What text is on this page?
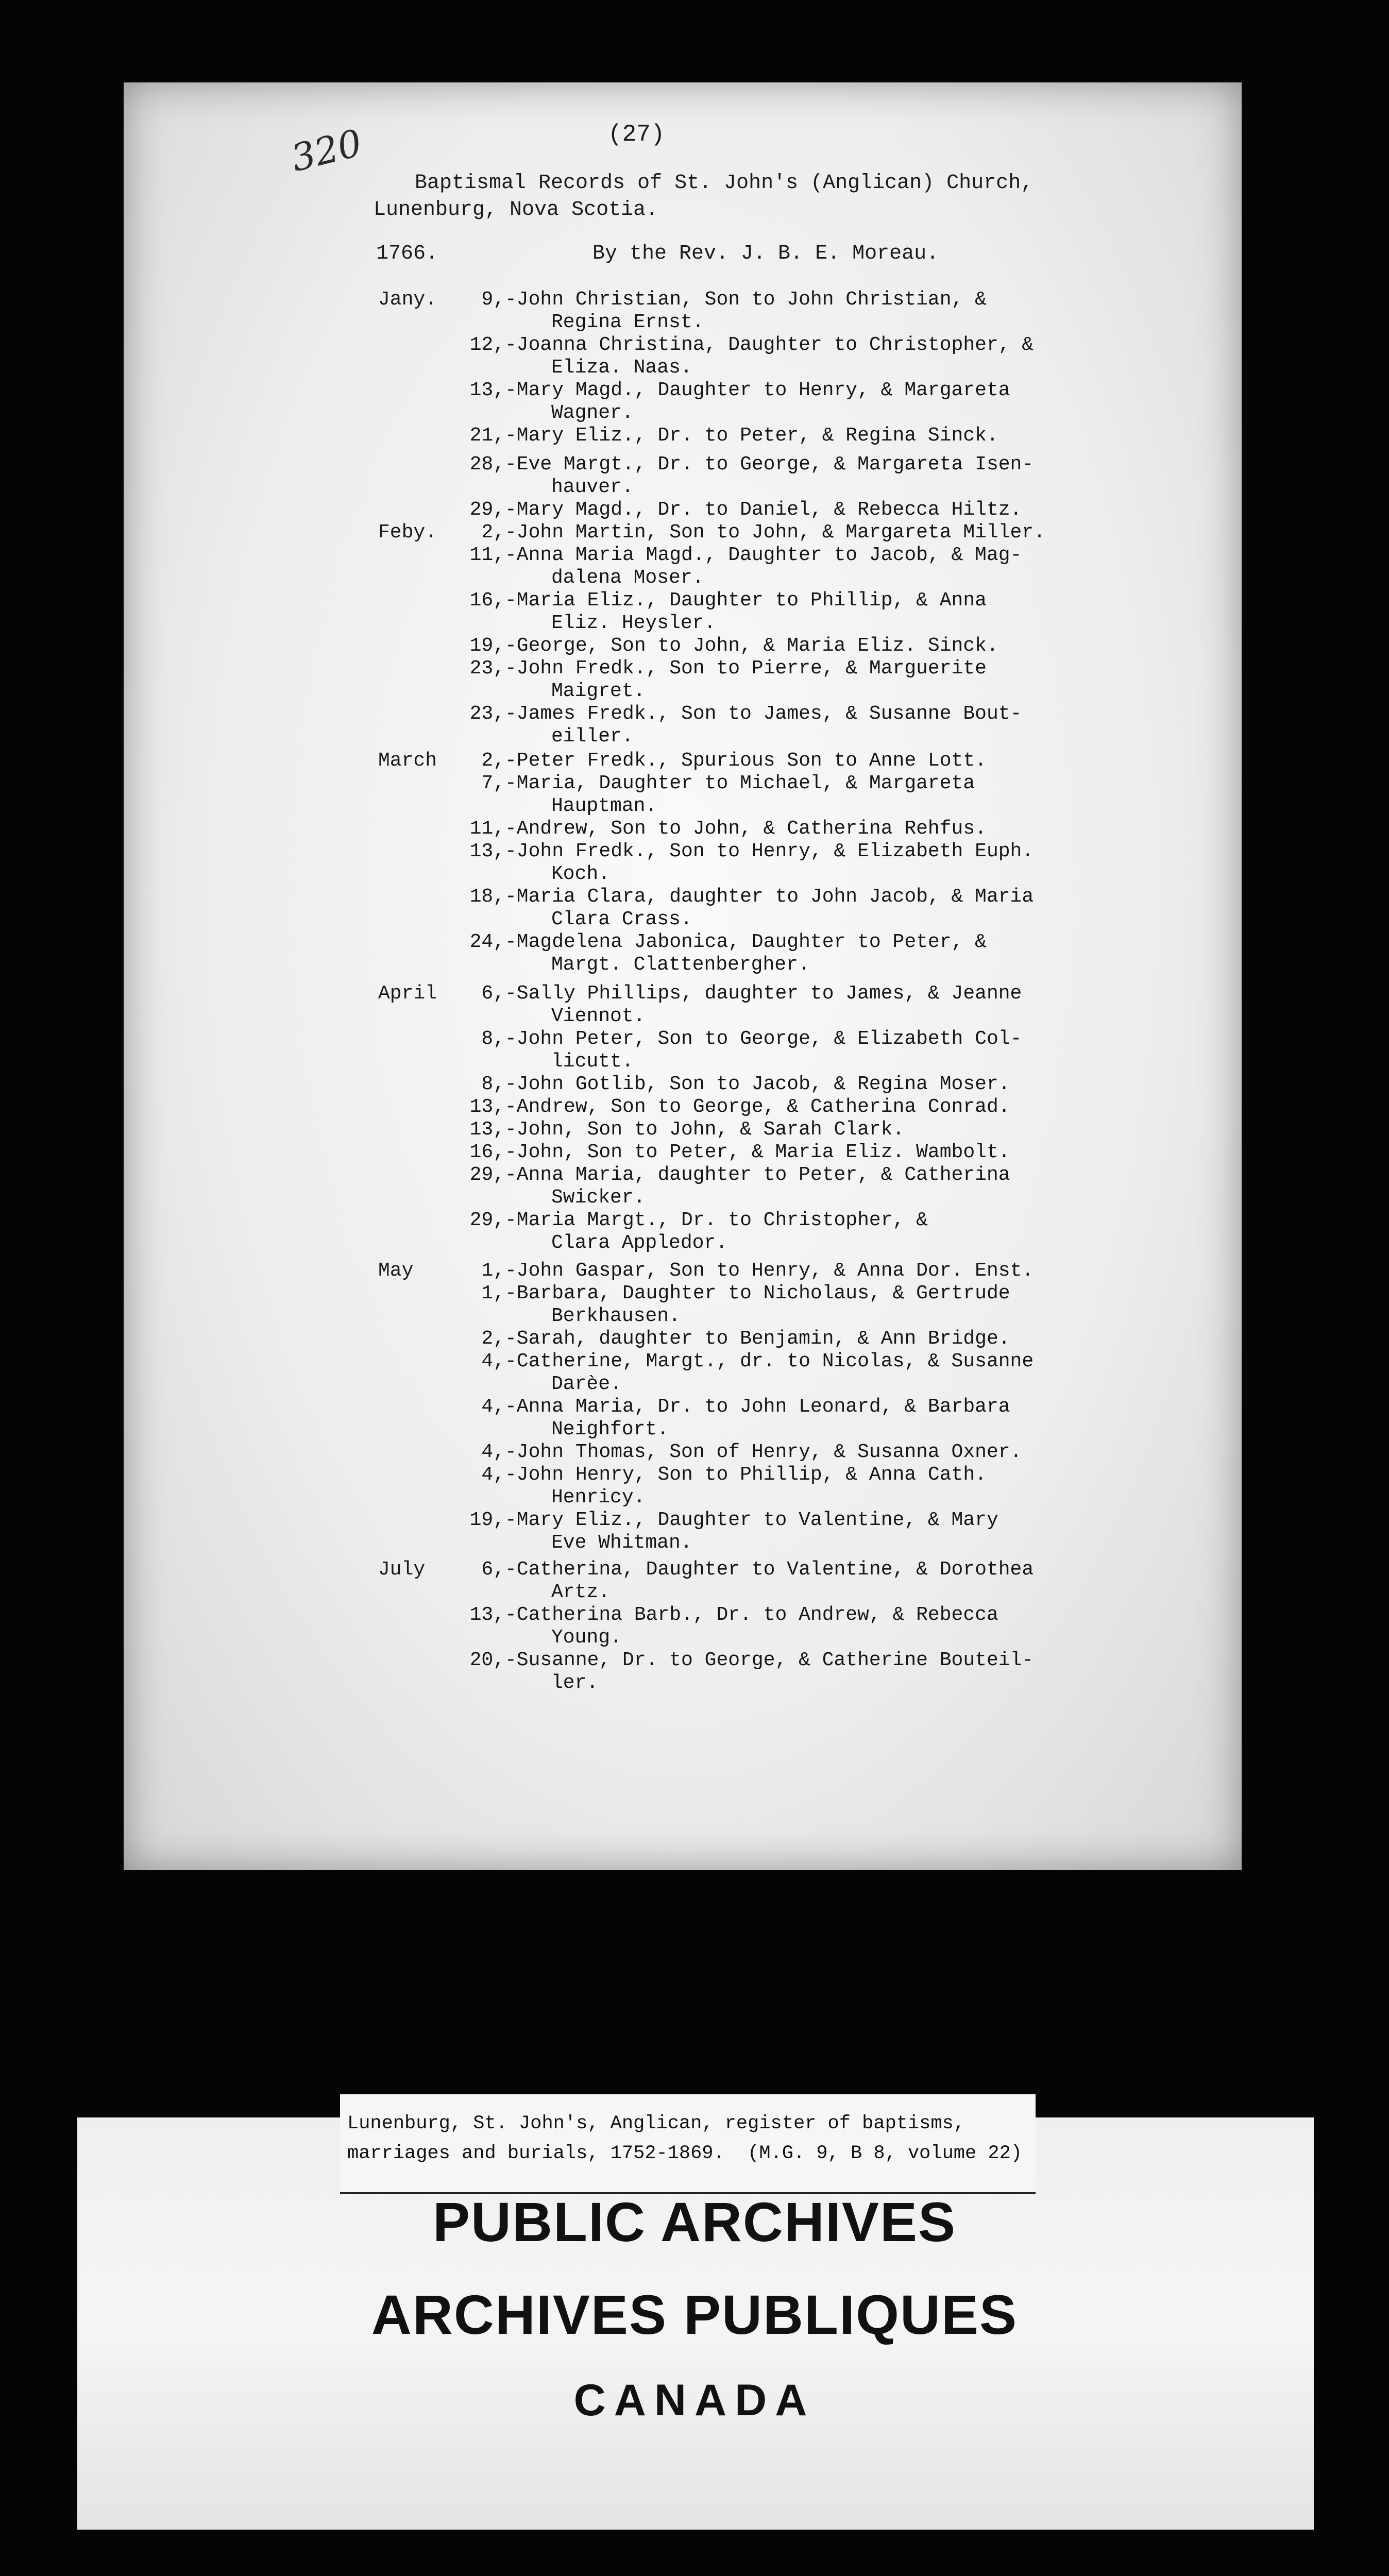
320	(27)
Baptismal Records of St. John's (Anglican) Church,
Lunenburg, Nova Scotia.
1766.	By the Rev. J. B. E. Moreau.
Jany.
Feby.
March
April
May
July
9,-John Christian, Son to John Christian, &
Regina Ernst.
12,-Joanna Christina, Daughter to Christopher, &
Eliza. Naas.
13,-Mary Magd., Daughter to Henry, & Margareta
Wagner.
21,-Mary Eliz., Dr. to Peter, & Regina Sinck.
28,-Eve Margt., Dr. to George, & Margareta Isen-
hauver.
29,-Mary Magd., Dr. to Daniel, & Rebecca Hiltz.
2,-John Martin, Son to John, & Margareta Miller.
11,-Anna Maria Magd., Daughter to Jacob, & Mag-
dalena Moser.
16,-Maria Eliz., Daughter to Phillip, & Anna
Eliz. Heysler.
19,-George, Son to John, & Maria Eliz. Sinck.
23,-John Fredk., Son to Pierre, & Marguerite
Maigret.
23,-James Fredk., Son to James, & Susanne Bout-
eiller.
2,-Peter Fredk., Spurious Son to Anne Lott.
7,-Maria, Daughter to Michael, & Margareta
Hauptman.
11,-Andrew, Son to John, & Catherina Rehfus.
13,-John Fredk., Son to Henry, & Elizabeth Euph.
Koch.
18,-Maria Clara, daughter to John Jacob, & Maria
Clara Crass.
24,-Magdelena Jabonica, Daughter to Peter, &
Margt. Clattenbergher.
6,-Sally Phillips, daughter to James, & Jeanne
Viennot.
8,-John Peter, Son to George, & Elizabeth Col-
licutt.
8,-John Gotlib, Son to Jacob, & Regina Moser.
13,-Andrew, Son to George, & Catherina Conrad.
13,-John, Son to John, & Sarah Clark.
16,-John, Son to Peter, & Maria Eliz. Wambolt.
29,-Anna Maria, daughter to Peter, & Catherina
Swicker.
29,-Maria Margt., Dr. to Christopher, &
Clara Appledor.
1,-John Gaspar, Son to Henry, & Anna Dor. Enst.
1,-Barbara, Daughter to Nicholaus, & Gertrude
Berkhausen.
2,-Sarah, daughter to Benjamin, & Ann Bridge.
4,-Catherine, Margt., dr. to Nicolas, & Susanne
Darèe.
4,-Anna Maria, Dr. to John Leonard, & Barbara
Neighfort.
4,-John Thomas, Son of Henry, & Susanna Oxner.
4,-John Henry, Son to Phillip, & Anna Cath.
Henricy.
19,-Mary Eliz., Daughter to Valentine, & Mary
Eve Whitman.
6,-Catherina, Daughter to Valentine, & Dorothea
Artz.
13,-Catherina Barb., Dr. to Andrew, & Rebecca
Young.
20,-Susanne, Dr. to George, & Catherine Bouteil-
ler.
Lunenburg, St. John's, Anglican, register of baptisms,
marriages and burials, 1752-1869.  (M.G. 9, B 8, volume 22)
PUBLIC ARCHIVES
ARCHIVES PUBLIQUES
CANADA
